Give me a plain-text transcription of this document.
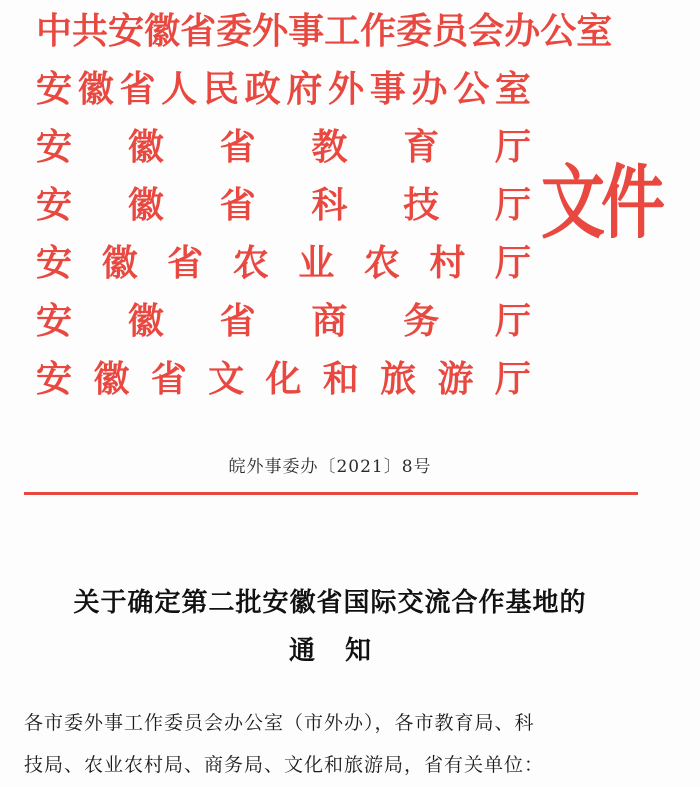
中 共 安 徽 省 委 外 事 工 作 委 员 会 办 公 室
安 徽 省 人 民 政 府 外 事 办 公 室
安 徽 省 教 育 厅
安 徽 省 科 技 厅
安 徽 省 农 业 农 村 厅
安 徽 省 商 务 厅
安 徽 省 文 化 和 旅 游 厅
文件
皖外事委办〔2021〕8号
关于确定第二批安徽省国际交流合作基地的
通知
各市委外事工作委员会办公室（市外办），各市教育局、科
技局、农业农村局、商务局、文化和旅游局，省有关单位：
